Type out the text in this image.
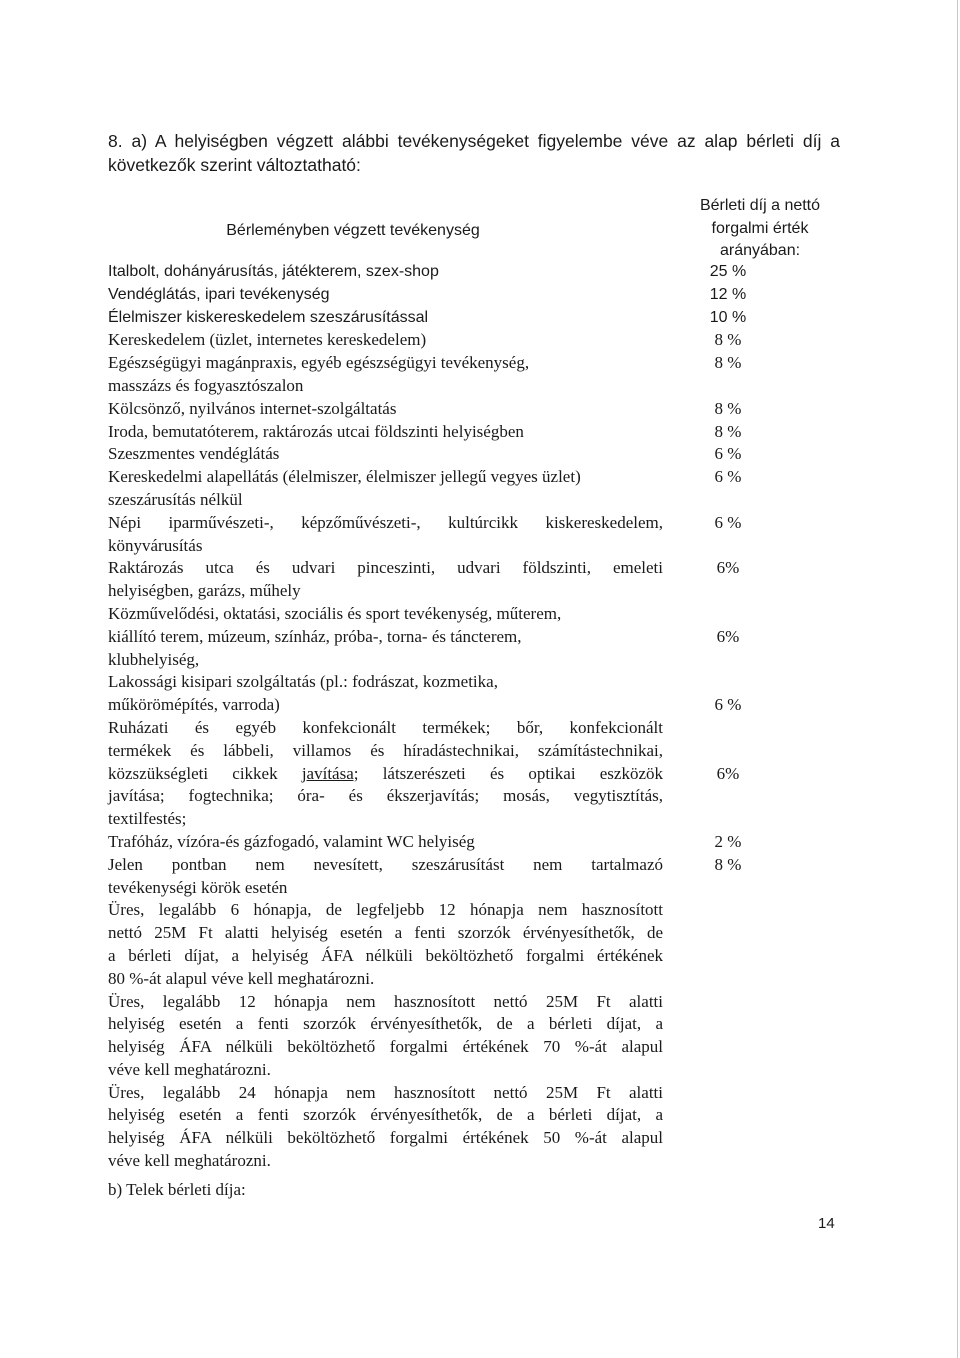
8. a) A helyiségben végzett alábbi tevékenységeket figyelembe véve az alap bérleti díj a következők szerint változtatható:
Bérleményben végzett tevékenység
Bérleti díj a nettó
forgalmi érték
arányában:
Italbolt, dohányárusítás, játékterem, szex-shop	25 %
Vendéglátás, ipari tevékenység	12 %
Élelmiszer kiskereskedelem szeszárusítással	10 %
Kereskedelem (üzlet, internetes kereskedelem)	8 %
Egészségügyi magánpraxis, egyéb egészségügyi tevékenység,	8 %
masszázs és fogyasztószalon
Kölcsönző, nyilvános internet-szolgáltatás	8 %
Iroda, bemutatóterem, raktározás utcai földszinti helyiségben	8 %
Szeszmentes vendéglátás	6 %
Kereskedelmi alapellátás (élelmiszer, élelmiszer jellegű vegyes üzlet)	6 %
szeszárusítás nélkül
Népi iparművészeti-, képzőművészeti-, kultúrcikk kiskereskedelem,	6 %
könyvárusítás
Raktározás utca és udvari pinceszinti, udvari földszinti, emeleti	6%
helyiségben, garázs, műhely
Közművelődési, oktatási, szociális és sport tevékenység, műterem,
kiállító terem, múzeum, színház, próba-, torna- és táncterem,	6%
klubhelyiség,
Lakossági kisipari szolgáltatás (pl.: fodrászat, kozmetika,
műkörömépítés, varroda)	6 %
Ruházati és egyéb konfekcionált termékek; bőr, konfekcionált
termékek és lábbeli, villamos és híradástechnikai, számítástechnikai,
közszükségleti cikkek javítása; látszerészeti és optikai eszközök	6%
javítása; fogtechnika; óra- és ékszerjavítás; mosás, vegytisztítás,
textilfestés;
Trafóház, vízóra-és gázfogadó, valamint WC helyiség	2 %
Jelen pontban nem nevesített, szeszárusítást nem tartalmazó	8 %
tevékenységi körök esetén
Üres, legalább 6 hónapja, de legfeljebb 12 hónapja nem hasznosított
nettó 25M Ft alatti helyiség esetén a fenti szorzók érvényesíthetők, de
a bérleti díjat, a helyiség ÁFA nélküli beköltözhető forgalmi értékének
80 %-át alapul véve kell meghatározni.
Üres, legalább 12 hónapja nem hasznosított nettó 25M Ft alatti
helyiség esetén a fenti szorzók érvényesíthetők, de a bérleti díjat, a
helyiség ÁFA nélküli beköltözhető forgalmi értékének 70 %-át alapul
véve kell meghatározni.
Üres, legalább 24 hónapja nem hasznosított nettó 25M Ft alatti
helyiség esetén a fenti szorzók érvényesíthetők, de a bérleti díjat, a
helyiség ÁFA nélküli beköltözhető forgalmi értékének 50 %-át alapul
véve kell meghatározni.
b) Telek bérleti díja:
14
